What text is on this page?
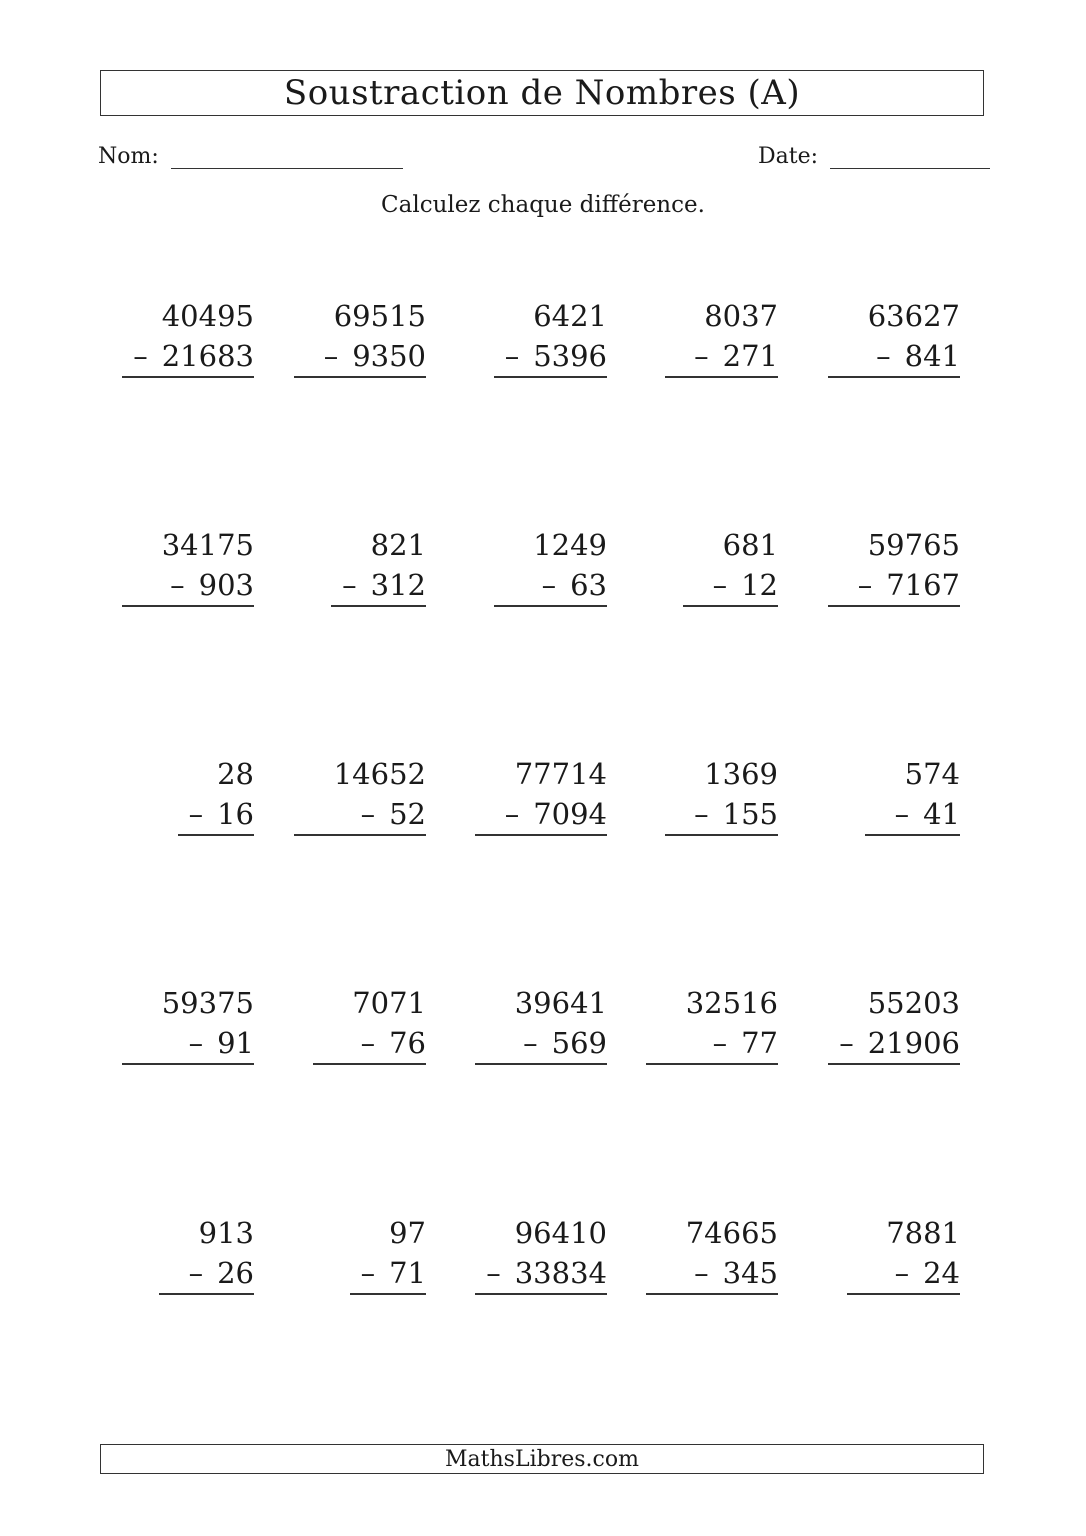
Soustraction de Nombres (A)
Nom:	Date:
Calculez chaque différence.
40495
– 21683
69515
– 9350
6421
– 5396
8037
– 271
63627
– 841
34175
– 903
821
– 312
1249
– 63
681
– 12
59765
– 7167
28
– 16
14652
– 52
77714
– 7094
1369
– 155
574
– 41
59375
– 91
7071
– 76
39641
– 569
32516
– 77
55203
– 21906
913
– 26
97
– 71
96410
– 33834
74665
– 345
7881
– 24
MathsLibres.com
